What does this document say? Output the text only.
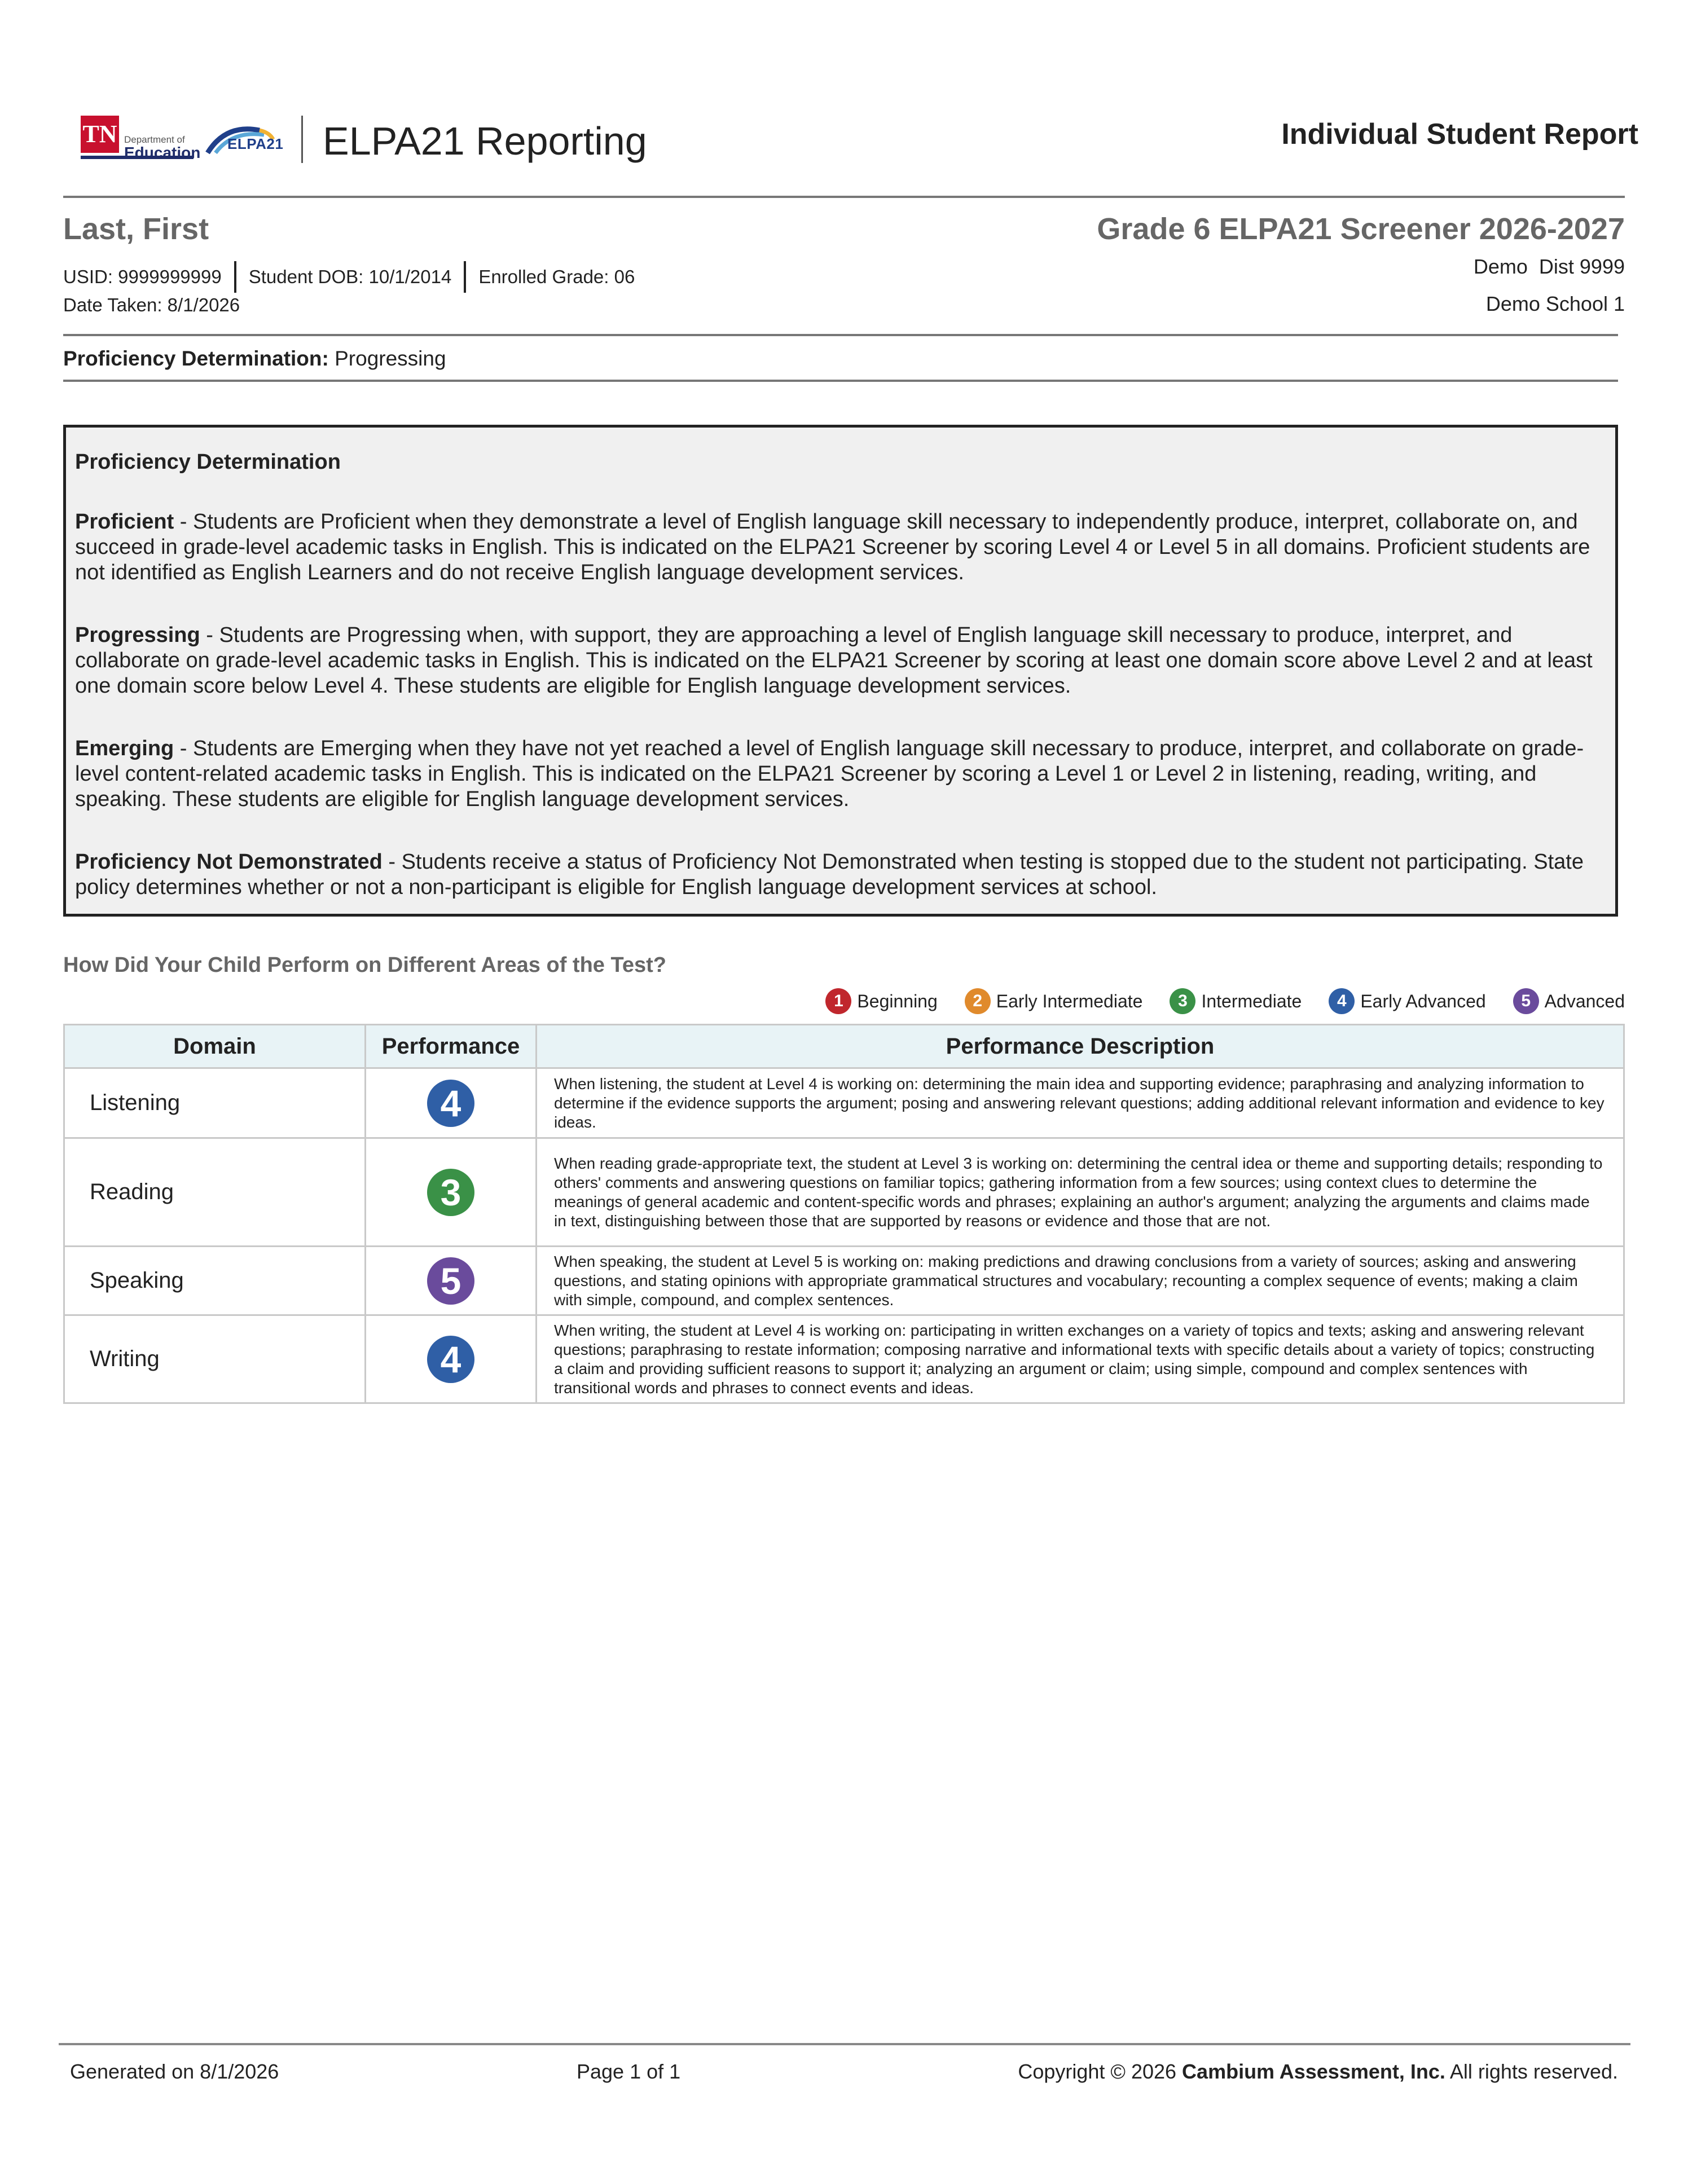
TN Department of
Education ELPA21 ELPA21 Reporting	Individual Student Report
Last, First	Grade 6 ELPA21 Screener 2026-2027
USID: 9999999999 Student DOB: 10/1/2014 Enrolled Grade: 06
Date Taken: 8/1/2026
Demo  Dist 9999
Demo School 1
Proficiency Determination: Progressing
Proficiency Determination
Proficient - Students are Proficient when they demonstrate a level of English language skill necessary to independently produce, interpret, collaborate on, and succeed in grade-level academic tasks in English. This is indicated on the ELPA21 Screener by scoring Level 4 or Level 5 in all domains. Proficient students are not identified as English Learners and do not receive English language development services.
Progressing - Students are Progressing when, with support, they are approaching a level of English language skill necessary to produce, interpret, and collaborate on grade-level academic tasks in English. This is indicated on the ELPA21 Screener by scoring at least one domain score above Level 2 and at least one domain score below Level 4. These students are eligible for English language development services.
Emerging - Students are Emerging when they have not yet reached a level of English language skill necessary to produce, interpret, and collaborate on grade-level content-related academic tasks in English. This is indicated on the ELPA21 Screener by scoring a Level 1 or Level 2 in listening, reading, writing, and speaking. These students are eligible for English language development services.
Proficiency Not Demonstrated - Students receive a status of Proficiency Not Demonstrated when testing is stopped due to the student not participating. State policy determines whether or not a non-participant is eligible for English language development services at school.
How Did Your Child Perform on Different Areas of the Test?
1 Beginning	2 Early Intermediate	3 Intermediate	4 Early Advanced	5 Advanced
Domain	Performance	Performance Description
Listening	4	When listening, the student at Level 4 is working on: determining the main idea and supporting evidence; paraphrasing and analyzing information to determine if the evidence supports the argument; posing and answering relevant questions; adding additional relevant information and evidence to key ideas.
Reading	3	When reading grade-appropriate text, the student at Level 3 is working on: determining the central idea or theme and supporting details; responding to others' comments and answering questions on familiar topics; gathering information from a few sources; using context clues to determine the meanings of general academic and content-specific words and phrases; explaining an author's argument; analyzing the arguments and claims made in text, distinguishing between those that are supported by reasons or evidence and those that are not.
Speaking	5	When speaking, the student at Level 5 is working on: making predictions and drawing conclusions from a variety of sources; asking and answering questions, and stating opinions with appropriate grammatical structures and vocabulary; recounting a complex sequence of events; making a claim with simple, compound, and complex sentences.
Writing	4	When writing, the student at Level 4 is working on: participating in written exchanges on a variety of topics and texts; asking and answering relevant questions; paraphrasing to restate information; composing narrative and informational texts with specific details about a variety of topics; constructing a claim and providing sufficient reasons to support it; analyzing an argument or claim; using simple, compound and complex sentences with transitional words and phrases to connect events and ideas.
Generated on 8/1/2026	Page 1 of 1	Copyright © 2026 Cambium Assessment, Inc. All rights reserved.
